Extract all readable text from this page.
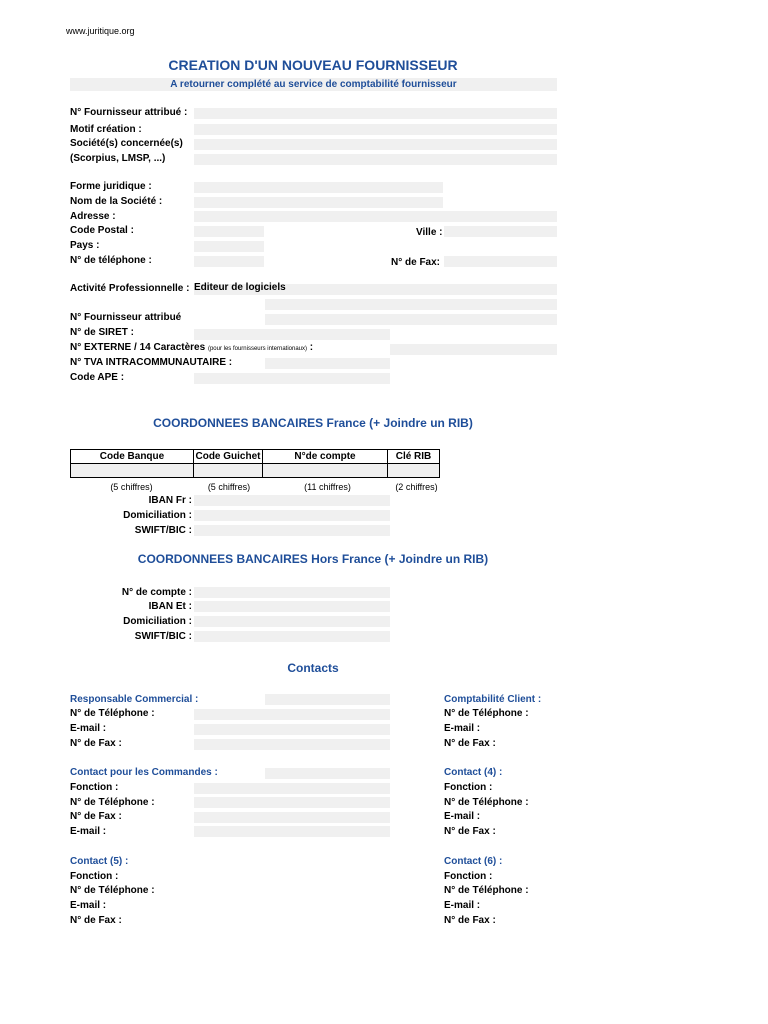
www.juritique.org
CREATION D'UN NOUVEAU FOURNISSEUR
A retourner complété au service de comptabilité fournisseur
N° Fournisseur attribué :
Motif création :
Société(s) concernée(s)
(Scorpius, LMSP, ...)
Forme juridique :
Nom de la Société :
Adresse :
Code Postal :	Ville :
Pays :
N° de téléphone :	N° de Fax:
Activité Professionnelle : Editeur de logiciels
N° Fournisseur attribué
N° de SIRET :
N° EXTERNE / 14 Caractères (pour les fournisseurs internationaux) :
N° TVA INTRACOMMUNAUTAIRE :
Code APE :
COORDONNEES BANCAIRES France (+ Joindre un RIB)
Code Banque	Code Guichet	N°de compte	Clé RIB

(5 chiffres)	(5 chiffres)	(11 chiffres)	(2 chiffres)
IBAN Fr :
Domiciliation :
SWIFT/BIC :
COORDONNEES BANCAIRES Hors France (+ Joindre un RIB)
N° de compte :
IBAN Et :
Domiciliation :
SWIFT/BIC :
Contacts
Responsable Commercial :
N° de Téléphone :
E-mail :
N° de Fax :
Comptabilité Client :
N° de Téléphone :
E-mail :
N° de Fax :
Contact pour les Commandes :
Fonction :
N° de Téléphone :
N° de Fax :
E-mail :
Contact (4) :
Fonction :
N° de Téléphone :
E-mail :
N° de Fax :
Contact (5) :
Fonction :
N° de Téléphone :
E-mail :
N° de Fax :
Contact (6) :
Fonction :
N° de Téléphone :
E-mail :
N° de Fax :
